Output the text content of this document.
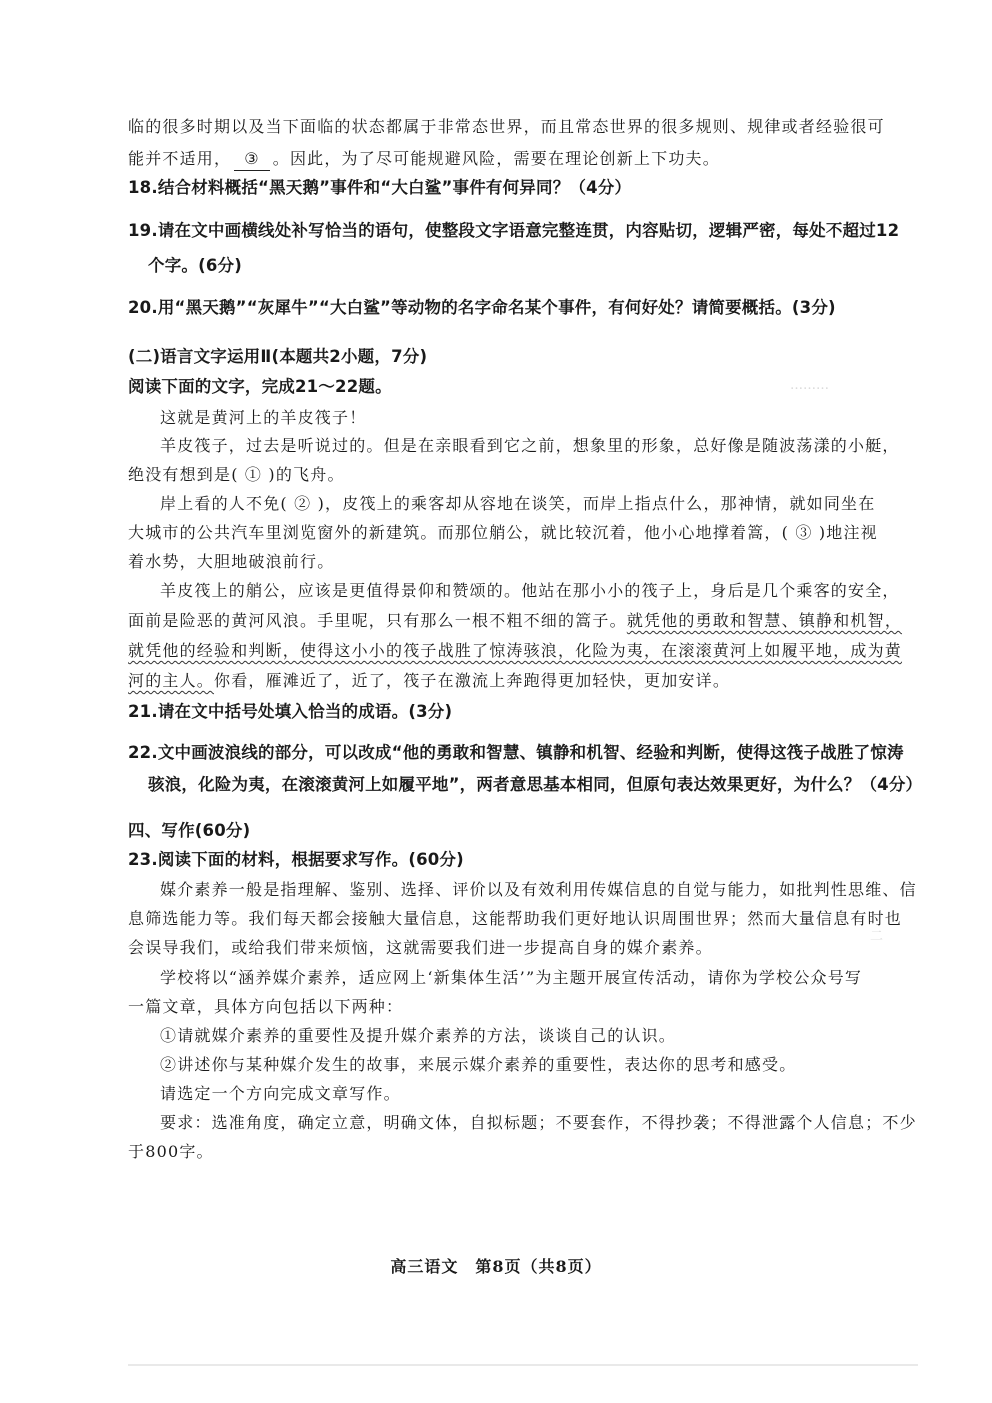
………
二
临的很多时期以及当下面临的状态都属于非常态世界，而且常态世界的很多规则、规律或者经验很可
能并不适用， ③ 。因此，为了尽可能规避风险，需要在理论创新上下功夫。
18.结合材料概括“黑天鹅”事件和“大白鲨”事件有何异同？（4分）
19.请在文中画横线处补写恰当的语句，使整段文字语意完整连贯，内容贴切，逻辑严密，每处不超过12
个字。(6分)
20.用“黑天鹅”“灰犀牛”“大白鲨”等动物的名字命名某个事件，有何好处？请简要概括。(3分)
(二)语言文字运用Ⅱ(本题共2小题，7分)
阅读下面的文字，完成21～22题。
这就是黄河上的羊皮筏子！
羊皮筏子，过去是听说过的。但是在亲眼看到它之前，想象里的形象，总好像是随波荡漾的小艇，
绝没有想到是( ① )的飞舟。
岸上看的人不免( ② )，皮筏上的乘客却从容地在谈笑，而岸上指点什么，那神情，就如同坐在
大城市的公共汽车里浏览窗外的新建筑。而那位艄公，就比较沉着，他小心地撑着篙，( ③ )地注视
着水势，大胆地破浪前行。
羊皮筏上的艄公，应该是更值得景仰和赞颂的。他站在那小小的筏子上，身后是几个乘客的安全，
面前是险恶的黄河风浪。手里呢，只有那么一根不粗不细的篙子。就凭他的勇敢和智慧、镇静和机智，
就凭他的经验和判断，使得这小小的筏子战胜了惊涛骇浪，化险为夷，在滚滚黄河上如履平地，成为黄
河的主人。你看，雁滩近了，近了，筏子在激流上奔跑得更加轻快，更加安详。
21.请在文中括号处填入恰当的成语。(3分)
22.文中画波浪线的部分，可以改成“他的勇敢和智慧、镇静和机智、经验和判断，使得这筏子战胜了惊涛
骇浪，化险为夷，在滚滚黄河上如履平地”，两者意思基本相同，但原句表达效果更好，为什么？（4分）
四、写作(60分)
23.阅读下面的材料，根据要求写作。(60分)
媒介素养一般是指理解、鉴别、选择、评价以及有效利用传媒信息的自觉与能力，如批判性思维、信
息筛选能力等。我们每天都会接触大量信息，这能帮助我们更好地认识周围世界；然而大量信息有时也
会误导我们，或给我们带来烦恼，这就需要我们进一步提高自身的媒介素养。
学校将以“涵养媒介素养，适应网上‘新集体生活’”为主题开展宣传活动，请你为学校公众号写
一篇文章，具体方向包括以下两种：
①请就媒介素养的重要性及提升媒介素养的方法，谈谈自己的认识。
②讲述你与某种媒介发生的故事，来展示媒介素养的重要性，表达你的思考和感受。
请选定一个方向完成文章写作。
要求：选准角度，确定立意，明确文体，自拟标题；不要套作，不得抄袭；不得泄露个人信息；不少
于800字。
高三语文　第8页（共8页）
